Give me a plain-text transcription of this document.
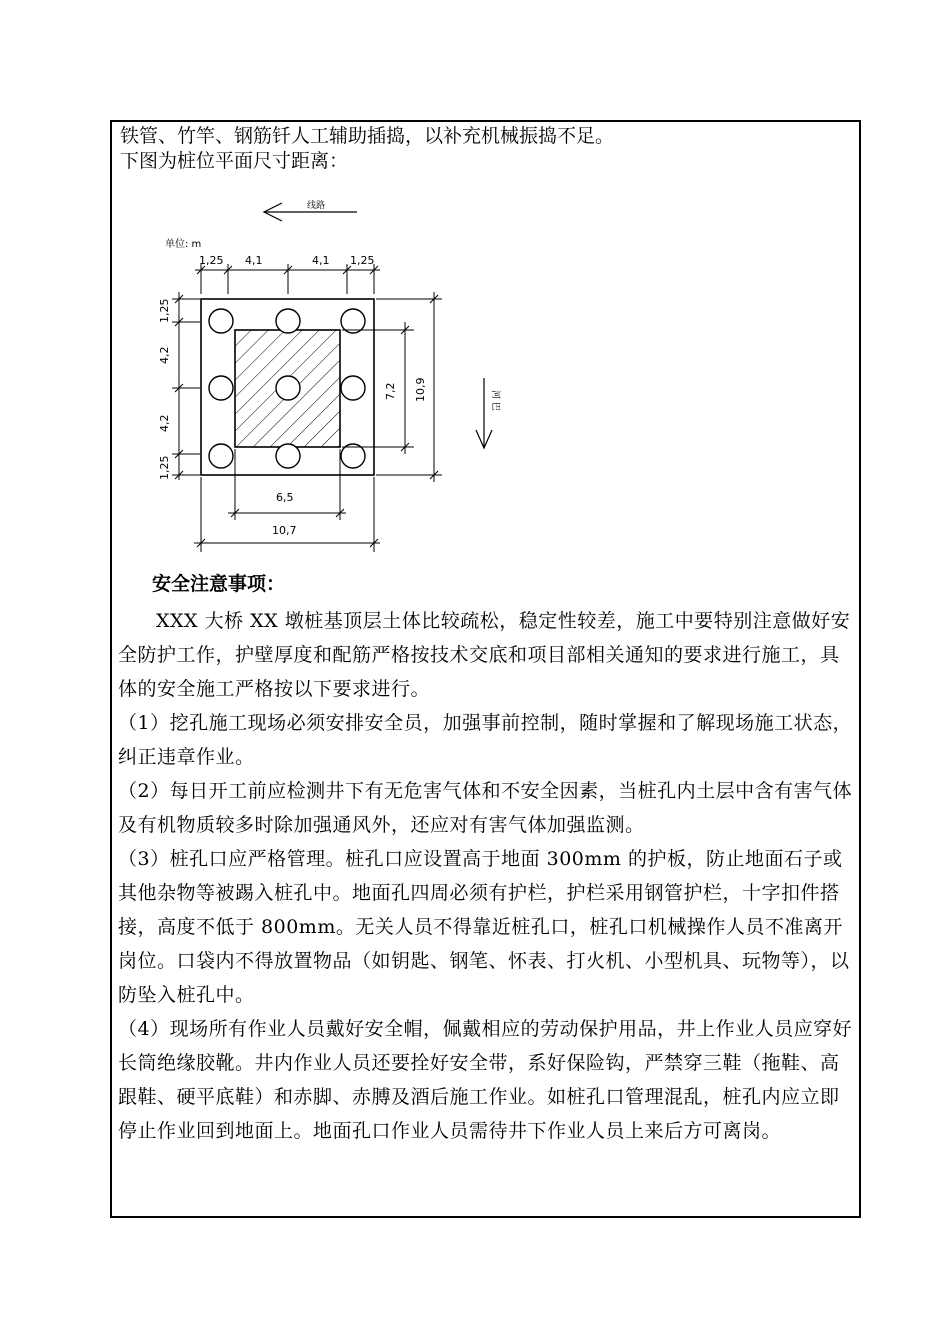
铁管、竹竿、钢筋钎人工辅助插捣，以补充机械振捣不足。
下图为桩位平面尺寸距离：
线路
单位: m
1,25 4,1	4,1 1,25
1,25
4,2
4,2
1,25
7,2 10,9	河 巴
6,5
10,7
安全注意事项：
XXX 大桥 XX 墩桩基顶层土体比较疏松，稳定性较差，施工中要特别注意做好安全防护工作，护壁厚度和配筋严格按技术交底和项目部相关通知的要求进行施工，具体的安全施工严格按以下要求进行。
（1）挖孔施工现场必须安排安全员，加强事前控制，随时掌握和了解现场施工状态，纠正违章作业。
（2）每日开工前应检测井下有无危害气体和不安全因素，当桩孔内土层中含有害气体及有机物质较多时除加强通风外，还应对有害气体加强监测。
（3）桩孔口应严格管理。桩孔口应设置高于地面 300mm 的护板，防止地面石子或其他杂物等被踢入桩孔中。地面孔四周必须有护栏，护栏采用钢管护栏，十字扣件搭接，高度不低于 800mm。无关人员不得靠近桩孔口，桩孔口机械操作人员不准离开岗位。口袋内不得放置物品（如钥匙、钢笔、怀表、打火机、小型机具、玩物等），以防坠入桩孔中。
（4）现场所有作业人员戴好安全帽，佩戴相应的劳动保护用品，井上作业人员应穿好长筒绝缘胶靴。井内作业人员还要拴好安全带，系好保险钩，严禁穿三鞋（拖鞋、高跟鞋、硬平底鞋）和赤脚、赤膊及酒后施工作业。如桩孔口管理混乱，桩孔内应立即停止作业回到地面上。地面孔口作业人员需待井下作业人员上来后方可离岗。
